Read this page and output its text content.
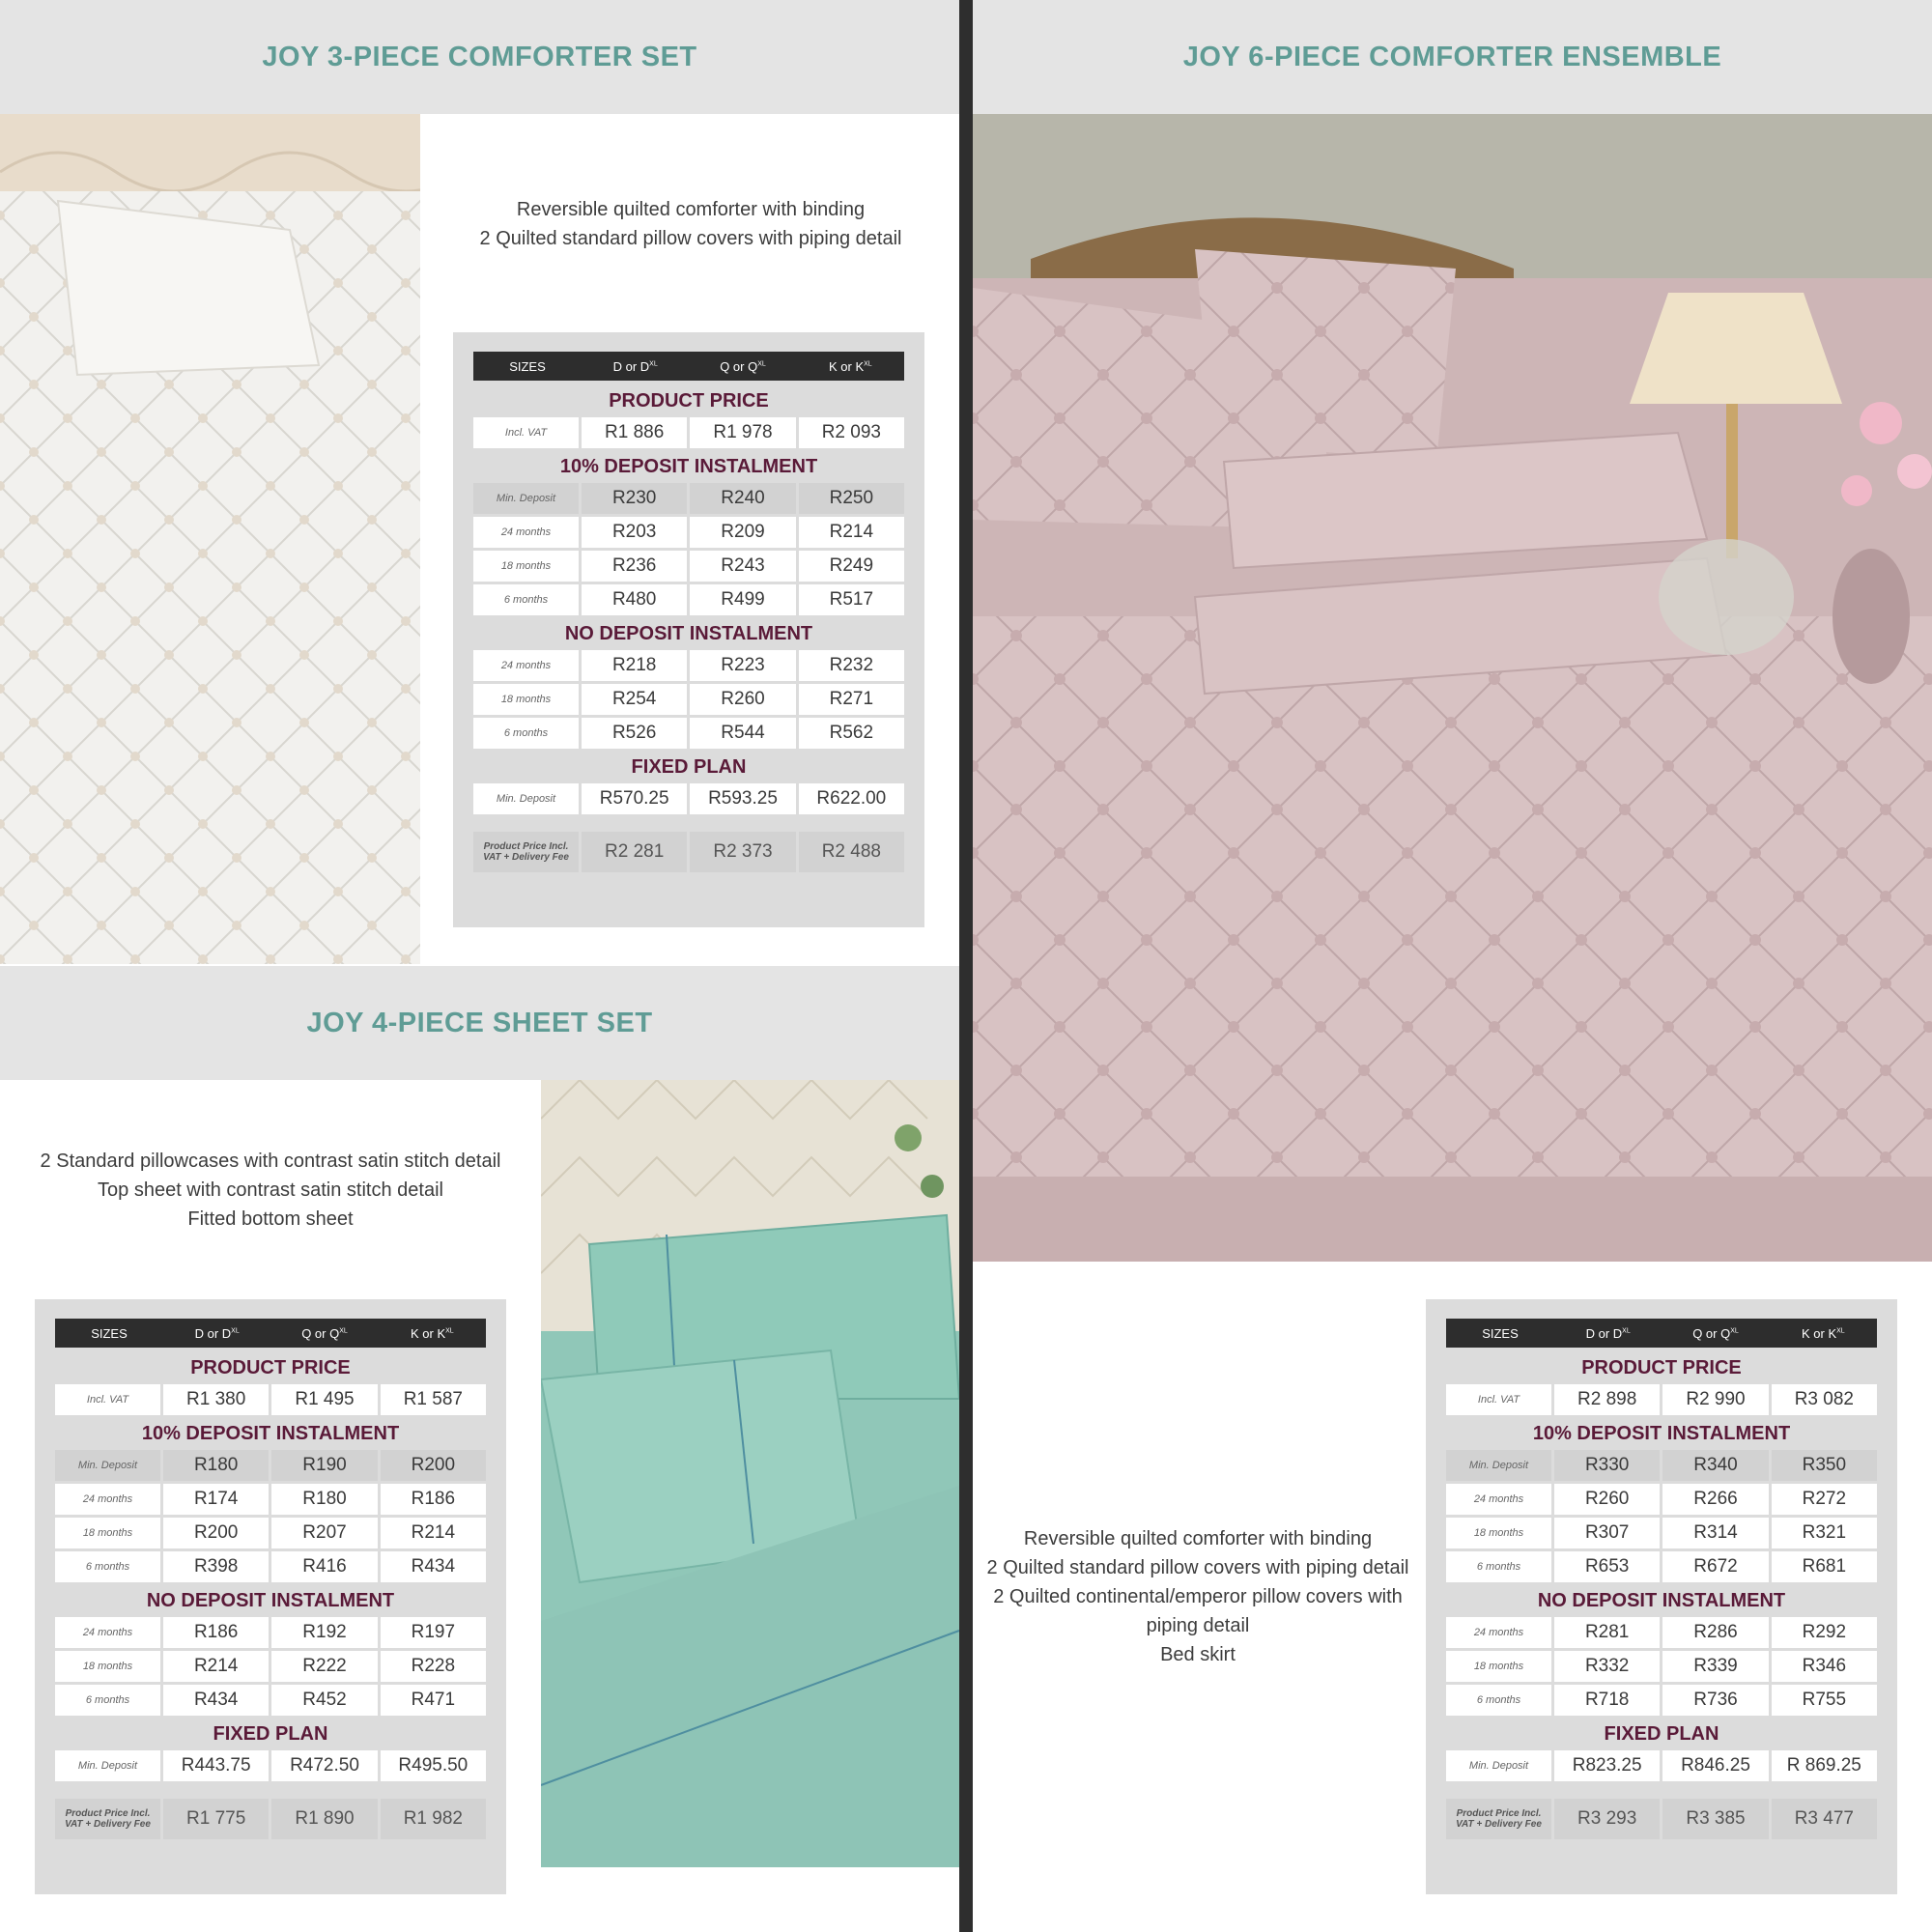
JOY 3-PIECE COMFORTER SET	JOY 6-PIECE COMFORTER ENSEMBLE
JOY 4-PIECE SHEET SET
Reversible quilted comforter with binding
2 Quilted standard pillow covers with piping detail
2 Standard pillowcases with contrast satin stitch detail
Top sheet with contrast satin stitch detail
Fitted bottom sheet
Reversible quilted comforter with binding
2 Quilted standard pillow covers with piping detail
2 Quilted continental/emperor pillow covers with
piping detail
Bed skirt
SIZES	D or $D^{XL}$	Q or $Q^{XL}$	K or $K^{XL}$
PRODUCT PRICE
Incl. VAT	R1 886	R1 978	R2 093
10% DEPOSIT INSTALMENT
Min. Deposit	R230	R240	R250
24 months	R203	R209	R214
18 months	R236	R243	R249
6 months	R480	R499	R517
NO DEPOSIT INSTALMENT
24 months	R218	R223	R232
18 months	R254	R260	R271
6 months	R526	R544	R562
FIXED PLAN
Min. Deposit	R570.25	R593.25	R622.00
Product Price Incl. VAT + Delivery Fee	R2 281	R2 373	R2 488
SIZES	D or $D^{XL}$	Q or $Q^{XL}$	K or $K^{XL}$
PRODUCT PRICE
Incl. VAT	R1 380	R1 495	R1 587
10% DEPOSIT INSTALMENT
Min. Deposit	R180	R190	R200
24 months	R174	R180	R186
18 months	R200	R207	R214
6 months	R398	R416	R434
NO DEPOSIT INSTALMENT
24 months	R186	R192	R197
18 months	R214	R222	R228
6 months	R434	R452	R471
FIXED PLAN
Min. Deposit	R443.75	R472.50	R495.50
Product Price Incl. VAT + Delivery Fee	R1 775	R1 890	R1 982
SIZES	D or $D^{XL}$	Q or $Q^{XL}$	K or $K^{XL}$
PRODUCT PRICE
Incl. VAT	R2 898	R2 990	R3 082
10% DEPOSIT INSTALMENT
Min. Deposit	R330	R340	R350
24 months	R260	R266	R272
18 months	R307	R314	R321
6 months	R653	R672	R681
NO DEPOSIT INSTALMENT
24 months	R281	R286	R292
18 months	R332	R339	R346
6 months	R718	R736	R755
FIXED PLAN
Min. Deposit	R823.25	R846.25	R 869.25
Product Price Incl. VAT + Delivery Fee	R3 293	R3 385	R3 477
